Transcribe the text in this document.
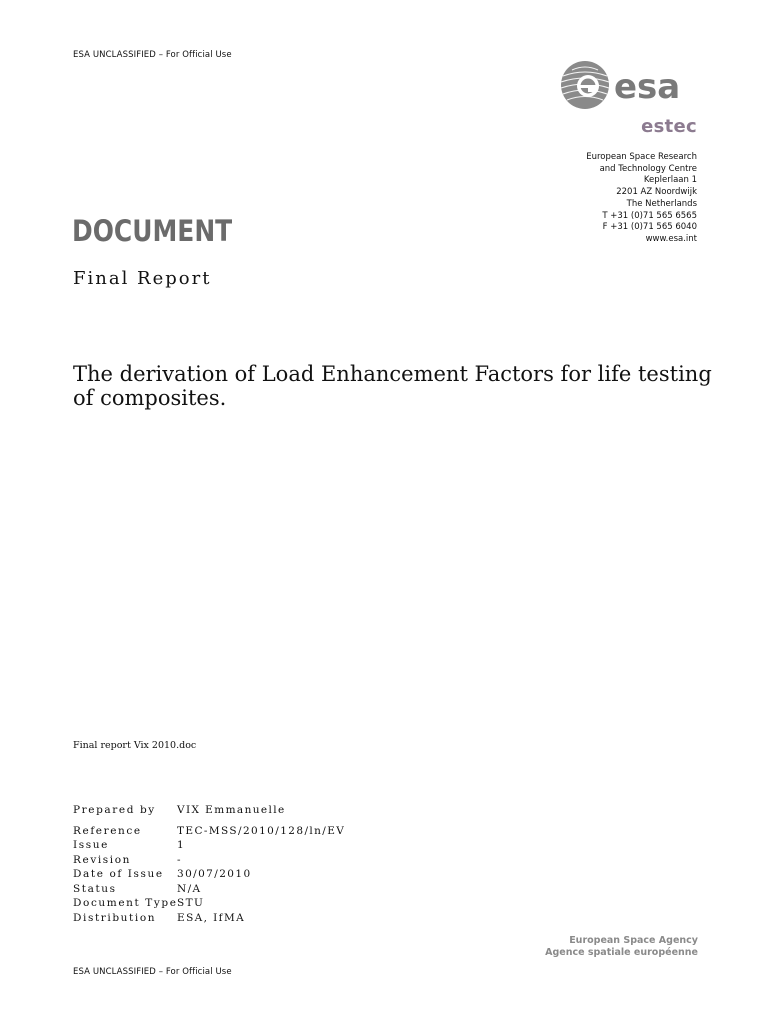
ESA UNCLASSIFIED – For Official Use
esa
estec
European Space Research
and Technology Centre
Keplerlaan 1
2201 AZ Noordwijk
The Netherlands
T +31 (0)71 565 6565
F +31 (0)71 565 6040
www.esa.int
DOCUMENT
Final Report
The derivation of Load Enhancement Factors for life testing of composites.
Final report Vix 2010.doc
Prepared by	VIX Emmanuelle
Reference	TEC-MSS/2010/128/ln/EV
Issue	1
Revision	-
Date of Issue	30/07/2010
Status	N/A
Document Type STU
Distribution	ESA, IfMA
European Space Agency
Agence spatiale européenne
ESA UNCLASSIFIED – For Official Use
